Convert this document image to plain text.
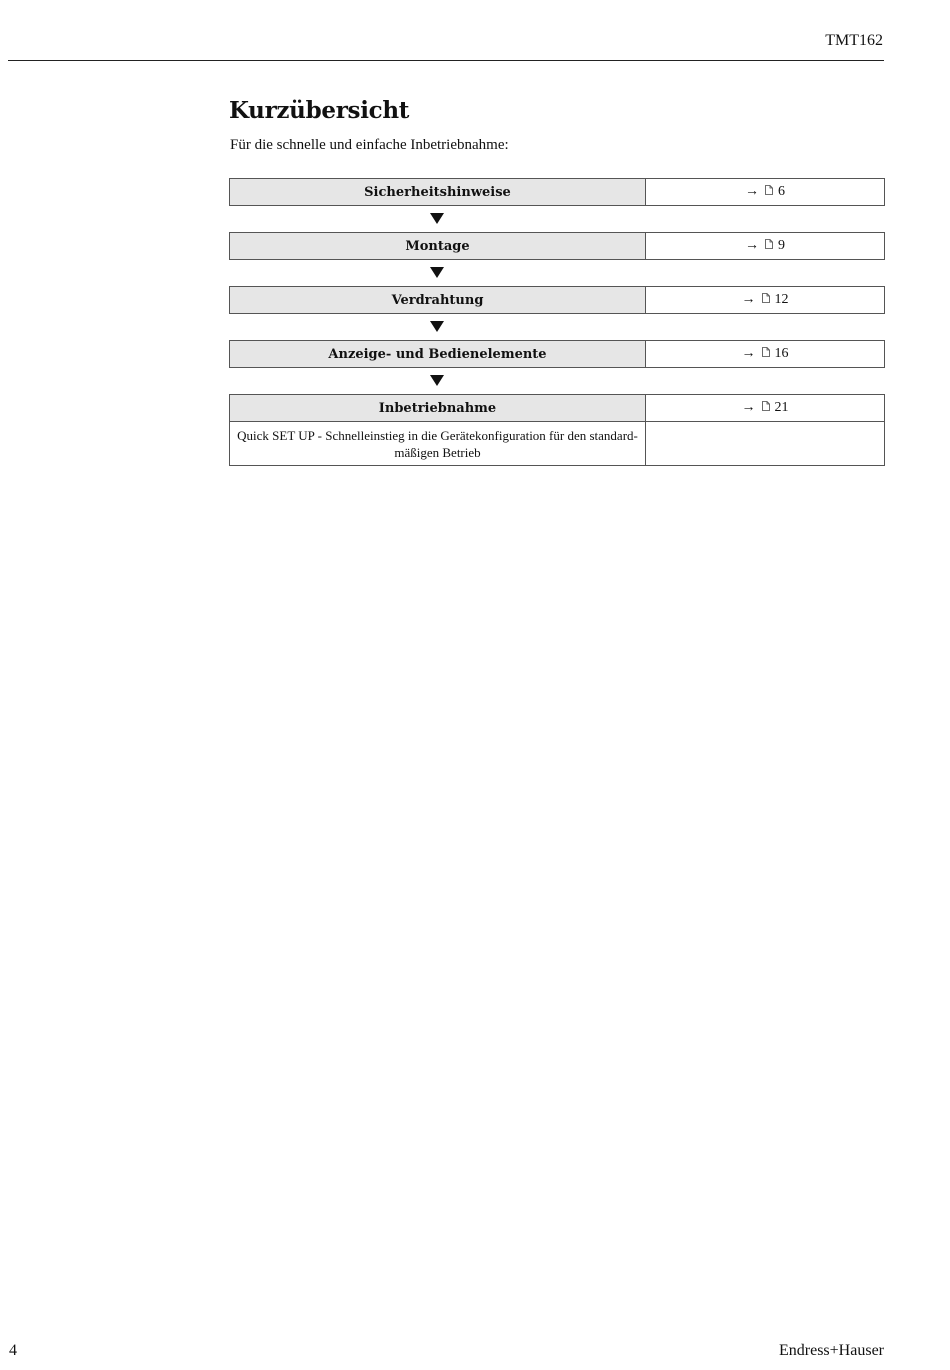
TMT162
Kurzübersicht

Für die schnelle und einfache Inbetriebnahme:

Sicherheitshinweise	→ 6
Montage	→ 9
Verdrahtung	→ 12
Anzeige- und Bedienelemente	→ 16
Inbetriebnahme	→ 21
Quick SET UP - Schnelleinstieg in die Gerätekonfiguration für den standard-mäßigen Betrieb
4	Endress+Hauser
